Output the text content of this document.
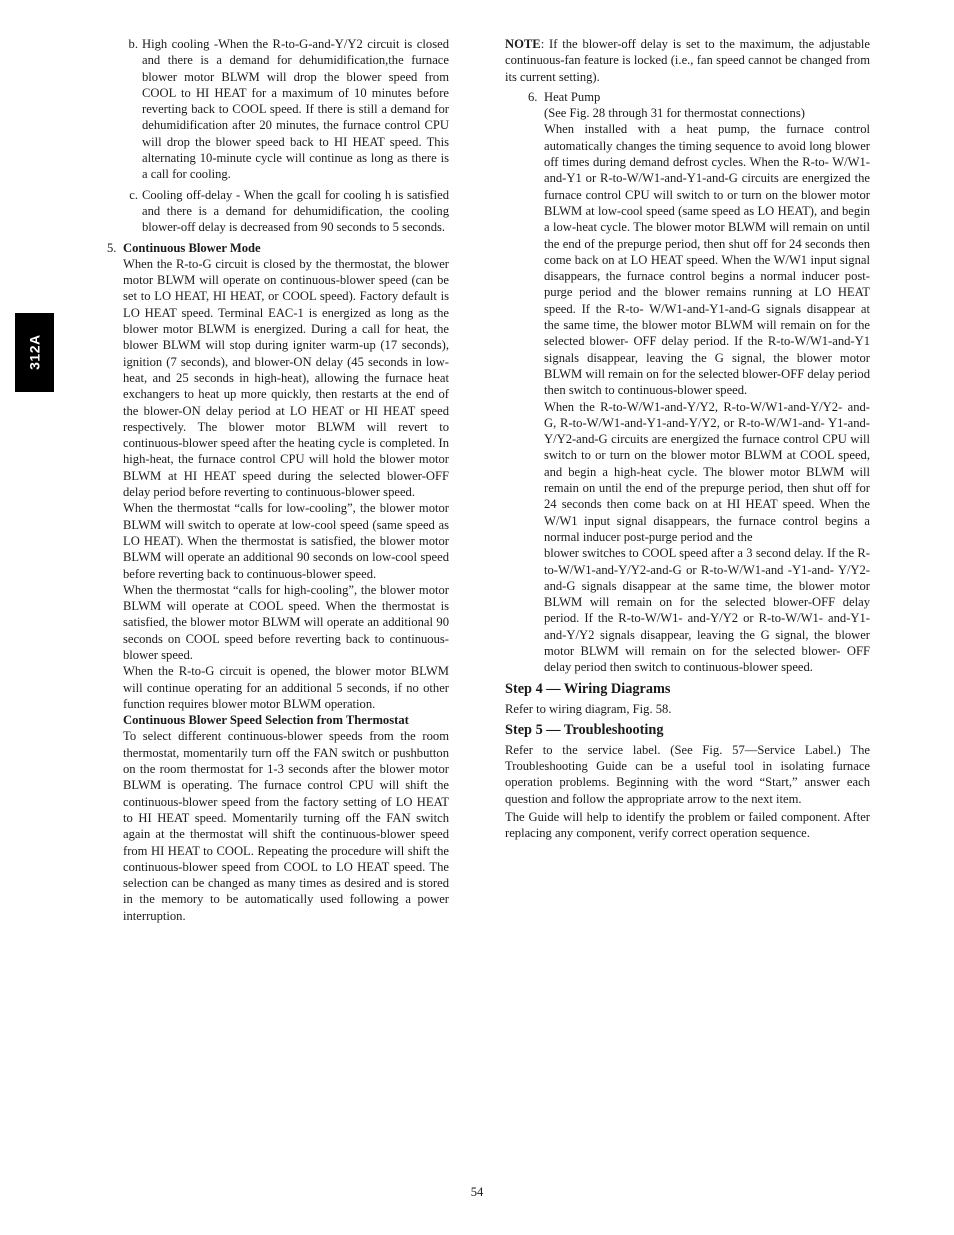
312A
b. High cooling -When the R-to-G-and-Y/Y2 circuit is closed and there is a demand for dehumidification,the furnace blower motor BLWM will drop the blower speed from COOL to HI HEAT for a maximum of 10 minutes before reverting back to COOL speed. If there is still a demand for dehumidification after 20 minutes, the furnace control CPU will drop the blower speed back to HI HEAT speed. This alternating 10-minute cycle will continue as long as there is a call for cooling.

c. Cooling off-delay - When the gcall for cooling h is satisfied and there is a demand for dehumidification, the cooling blower-off delay is decreased from 90 seconds to 5 seconds.

5. Continuous Blower Mode

When the R-to-G circuit is closed by the thermostat, the blower motor BLWM will operate on continuous-blower speed (can be set to LO HEAT, HI HEAT, or COOL speed). Factory default is LO HEAT speed. Terminal EAC-1 is energized as long as the blower motor BLWM is energized. During a call for heat, the blower BLWM will stop during igniter warm-up (17 seconds), ignition (7 seconds), and blower-ON delay (45 seconds in low-heat, and 25 seconds in high-heat), allowing the furnace heat exchangers to heat up more quickly, then restarts at the end of the blower-ON delay period at LO HEAT or HI HEAT speed respectively. The blower motor BLWM will revert to continuous-blower speed after the heating cycle is completed. In high-heat, the furnace control CPU will hold the blower motor BLWM at HI HEAT speed during the selected blower-OFF delay period before reverting to continuous-blower speed.

When the thermostat “calls for low-cooling”, the blower motor BLWM will switch to operate at low-cool speed (same speed as LO HEAT). When the thermostat is satisfied, the blower motor BLWM will operate an additional 90 seconds on low-cool speed before reverting back to continuous-blower speed.

When the thermostat “calls for high-cooling”, the blower motor BLWM will operate at COOL speed. When the thermostat is satisfied, the blower motor BLWM will operate an additional 90 seconds on COOL speed before reverting back to continuous-blower speed.

When the R-to-G circuit is opened, the blower motor BLWM will continue operating for an additional 5 seconds, if no other function requires blower motor BLWM operation.

Continuous Blower Speed Selection from Thermostat

To select different continuous-blower speeds from the room thermostat, momentarily turn off the FAN switch or pushbutton on the room thermostat for 1-3 seconds after the blower motor BLWM is operating. The furnace control CPU will shift the continuous-blower speed from the factory setting of LO HEAT to HI HEAT speed. Momentarily turning off the FAN switch again at the thermostat will shift the continuous-blower speed from HI HEAT to COOL. Repeating the procedure will shift the continuous-blower speed from COOL to LO HEAT speed. The selection can be changed as many times as desired and is stored in the memory to be automatically used following a power interruption.

NOTE: If the blower-off delay is set to the maximum, the adjustable continuous-fan feature is locked (i.e., fan speed cannot be changed from its current setting).

6. Heat Pump

(See Fig. 28 through 31 for thermostat connections)

When installed with a heat pump, the furnace control automatically changes the timing sequence to avoid long blower off times during demand defrost cycles. When the R-to- W/W1-and-Y1 or R-to-W/W1-and-Y1-and-G circuits are energized the furnace control CPU will switch to or turn on the blower motor BLWM at low-cool speed (same speed as LO HEAT), and begin a low-heat cycle. The blower motor BLWM will remain on until the end of the prepurge period, then shut off for 24 seconds then come back on at LO HEAT speed. When the W/W1 input signal disappears, the furnace control begins a normal inducer post-purge period and the blower remains running at LO HEAT speed. If the R-to- W/W1-and-Y1-and-G signals disappear at the same time, the blower motor BLWM will remain on for the selected blower- OFF delay period. If the R-to-W/W1-and-Y1 signals disappear, leaving the G signal, the blower motor BLWM will remain on for the selected blower-OFF delay period then switch to continuous-blower speed.

When the R-to-W/W1-and-Y/Y2, R-to-W/W1-and-Y/Y2- and-G, R-to-W/W1-and-Y1-and-Y/Y2, or R-to-W/W1-and- Y1-and-Y/Y2-and-G circuits are energized the furnace control CPU will switch to or turn on the blower motor BLWM at COOL speed, and begin a high-heat cycle. The blower motor BLWM will remain on until the end of the prepurge period, then shut off for 24 seconds then come back on at HI HEAT speed. When the W/W1 input signal disappears, the furnace control begins a normal inducer post-purge period and the

blower switches to COOL speed after a 3 second delay. If the R-to-W/W1-and-Y/Y2-and-G or R-to-W/W1-and -Y1-and- Y/Y2-and-G signals disappear at the same time, the blower motor BLWM will remain on for the selected blower-OFF delay period. If the R-to-W/W1- and-Y/Y2 or R-to-W/W1- and-Y1-and-Y/Y2 signals disappear, leaving the G signal, the blower motor BLWM will remain on for the selected blower- OFF delay period then switch to continuous-blower speed.

Step 4 — Wiring Diagrams

Refer to wiring diagram, Fig. 58.

Step 5 — Troubleshooting

Refer to the service label. (See Fig. 57—Service Label.) The Troubleshooting Guide can be a useful tool in isolating furnace operation problems. Beginning with the word “Start,” answer each question and follow the appropriate arrow to the next item.

The Guide will help to identify the problem or failed component. After replacing any component, verify correct operation sequence.

54
